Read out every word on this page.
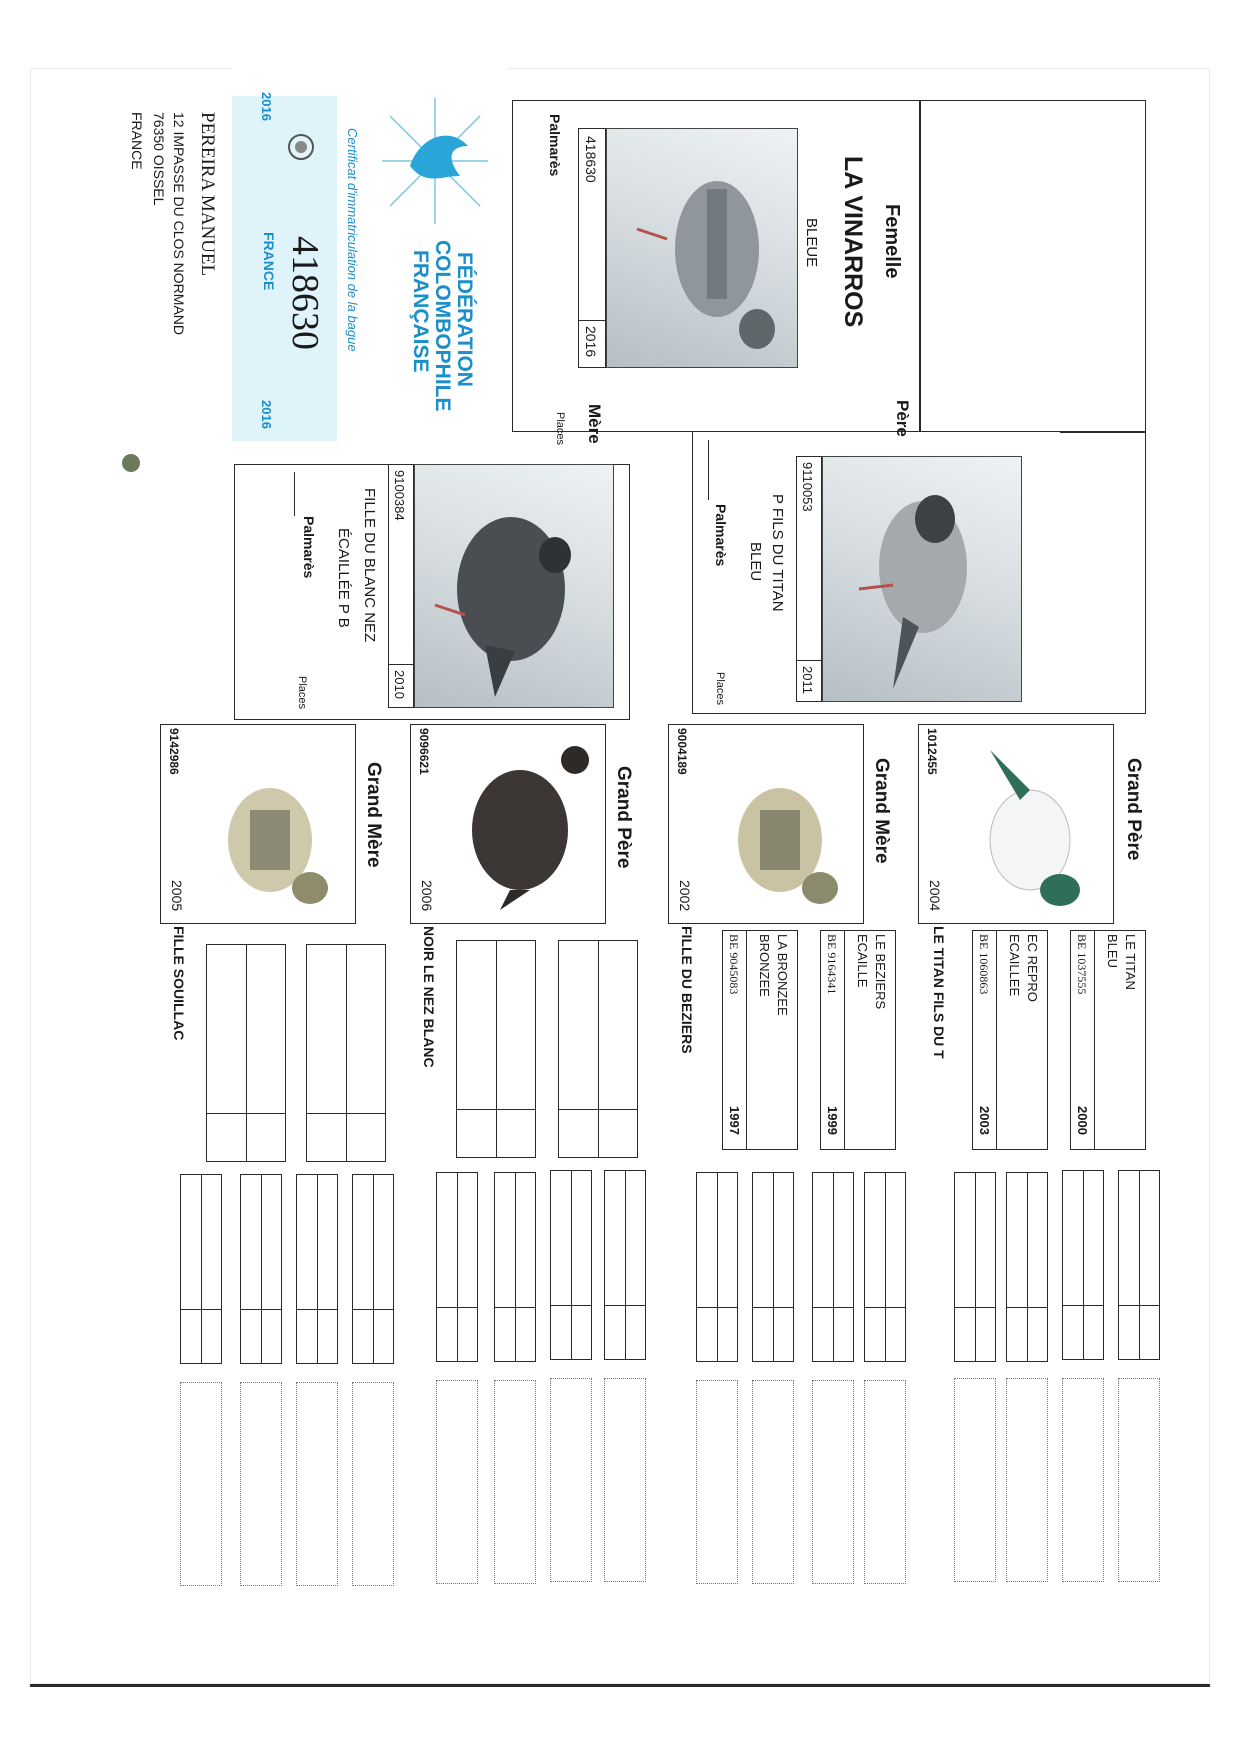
Femelle
LA VINARROS
BLEUE
418630
2016
Palmarès
Père
9110053
2011
P FILS DU TITAN
BLEU
Palmarès
Places
Mère
Places
9100384
2010
FILLE DU BLANC NEZ
ÉCAILLÉE P B
Palmarès
Places
FÉDÉRATION
COLOMBOPHILE
FRANÇAISE
Certificat d'immatriculation de la bague
2016
2016
FRANCE 418630
PEREIRA MANUEL
12 IMPASSE DU CLOS NORMAND
76350 OISSEL
FRANCE
Grand Père
1012455
2004
LE TITAN FILS DU T
Grand Mère
9004189
2002
FILLE DU BEZIERS
Grand Père
9096621
2006
NOIR LE NEZ BLANC
Grand Mère
9142986
2005
FILLE SOUILLAC	LE TITAN
BLEU
BE 1037555
2000
EC REPRO
ECAILLEE
BE 1060863
2003
LE BEZIERS
ECAILLE
BE 9164341
1999
LA BRONZEE
BRONZEE
BE 9045083
1997
